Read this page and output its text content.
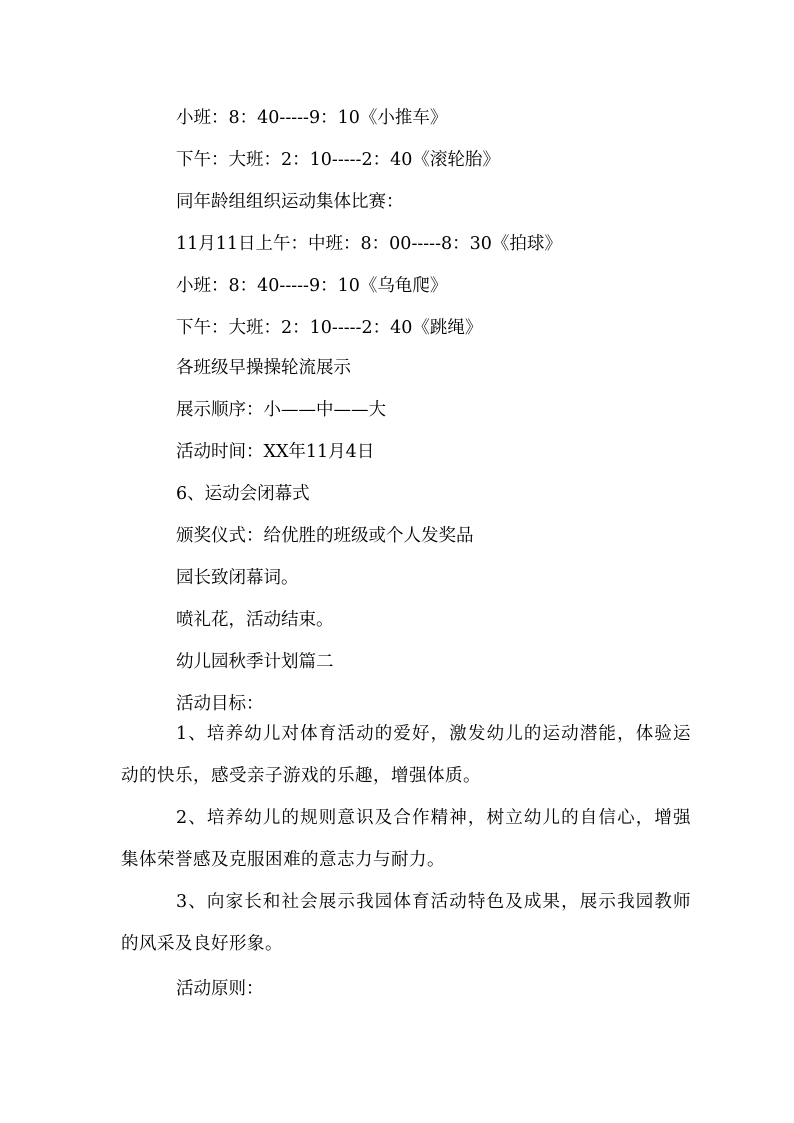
小班：8：40-----9：10《小推车》
下午：大班：2：10-----2：40《滚轮胎》
同年龄组组织运动集体比赛：
11月11日上午：中班：8：00-----8：30《拍球》
小班：8：40-----9：10《乌龟爬》
下午：大班：2：10-----2：40《跳绳》
各班级早操操轮流展示
展示顺序：小——中——大
活动时间：XX年11月4日
6、运动会闭幕式
颁奖仪式：给优胜的班级或个人发奖品
园长致闭幕词。
喷礼花，活动结束。
幼儿园秋季计划篇二
活动目标：

1、培养幼儿对体育活动的爱好，激发幼儿的运动潜能，体验运动的快乐，感受亲子游戏的乐趣，增强体质。

2、培养幼儿的规则意识及合作精神，树立幼儿的自信心，增强集体荣誉感及克服困难的意志力与耐力。

3、向家长和社会展示我园体育活动特色及成果，展示我园教师的风采及良好形象。

活动原则：
